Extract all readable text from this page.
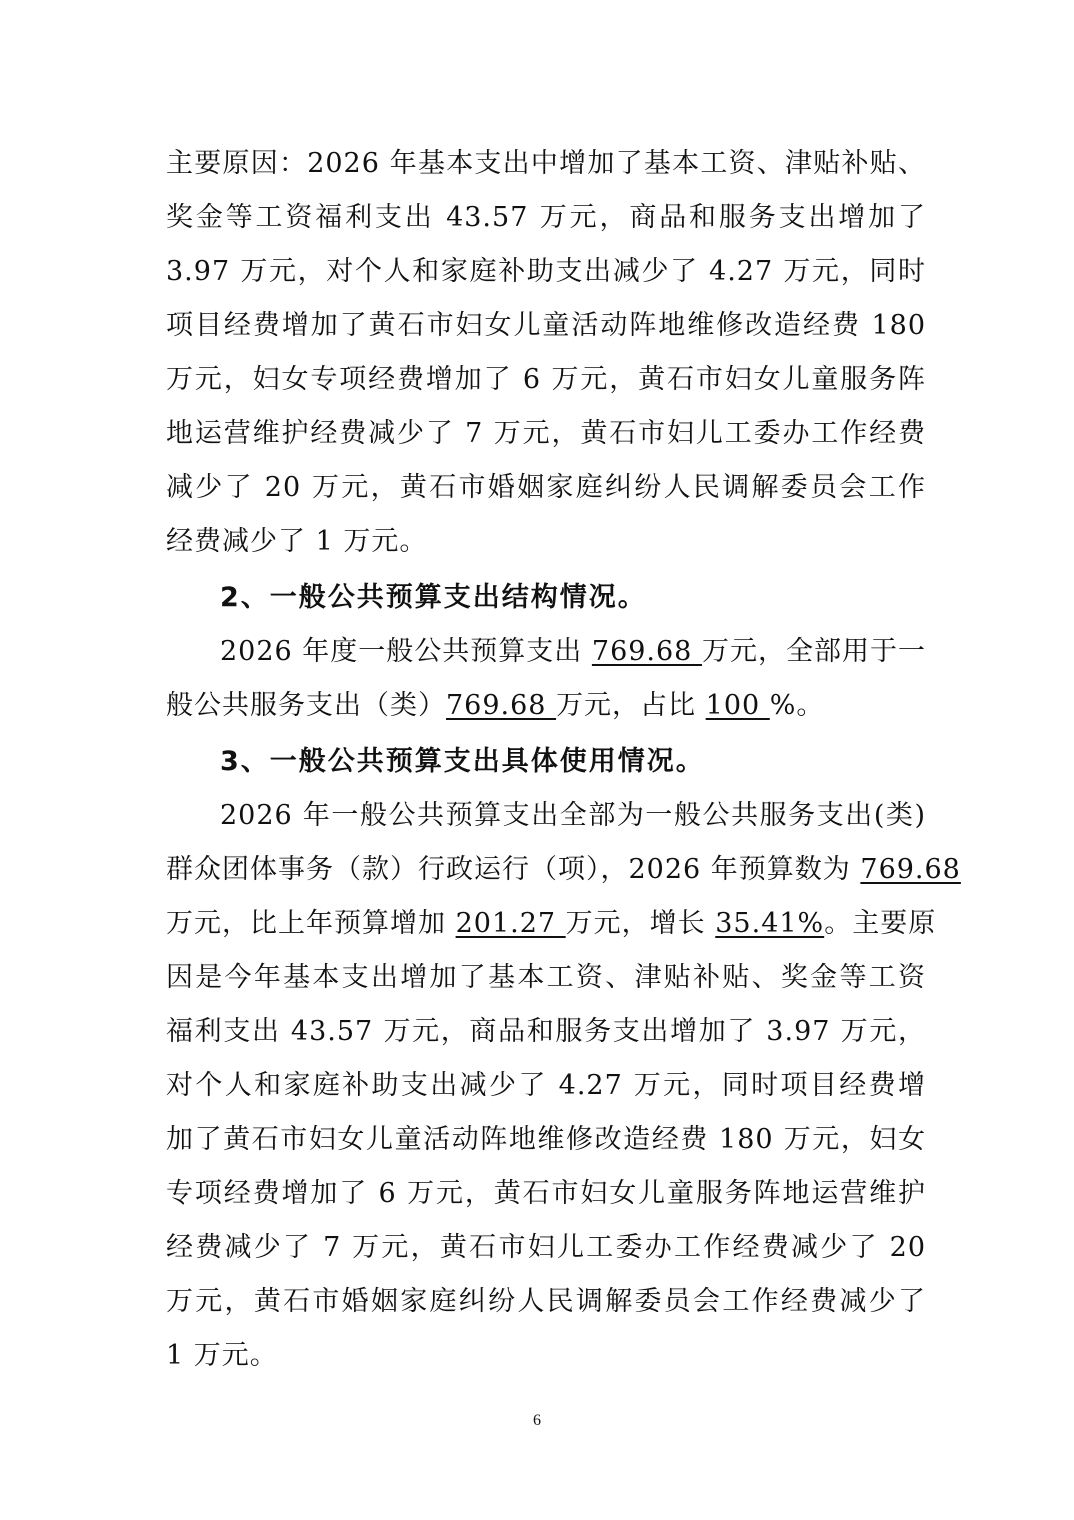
主要原因：2026 年基本支出中增加了基本工资、津贴补贴、
奖金等工资福利支出 43.57 万元，商品和服务支出增加了
3.97 万元，对个人和家庭补助支出减少了 4.27 万元，同时
项目经费增加了黄石市妇女儿童活动阵地维修改造经费 180
万元，妇女专项经费增加了 6 万元，黄石市妇女儿童服务阵
地运营维护经费减少了 7 万元，黄石市妇儿工委办工作经费
减少了 20 万元，黄石市婚姻家庭纠纷人民调解委员会工作
经费减少了 1 万元。
2、一般公共预算支出结构情况。
2026 年度一般公共预算支出 769.68 万元，全部用于一
般公共服务支出（类）769.68 万元，占比 100 %。
3、一般公共预算支出具体使用情况。
2026 年一般公共预算支出全部为一般公共服务支出(类)
群众团体事务（款）行政运行（项），2026 年预算数为 769.68
万元，比上年预算增加 201.27 万元，增长 35.41%。主要原
因是今年基本支出增加了基本工资、津贴补贴、奖金等工资
福利支出 43.57 万元，商品和服务支出增加了 3.97 万元，
对个人和家庭补助支出减少了 4.27 万元，同时项目经费增
加了黄石市妇女儿童活动阵地维修改造经费 180 万元，妇女
专项经费增加了 6 万元，黄石市妇女儿童服务阵地运营维护
经费减少了 7 万元，黄石市妇儿工委办工作经费减少了 20
万元，黄石市婚姻家庭纠纷人民调解委员会工作经费减少了
1 万元。
6
